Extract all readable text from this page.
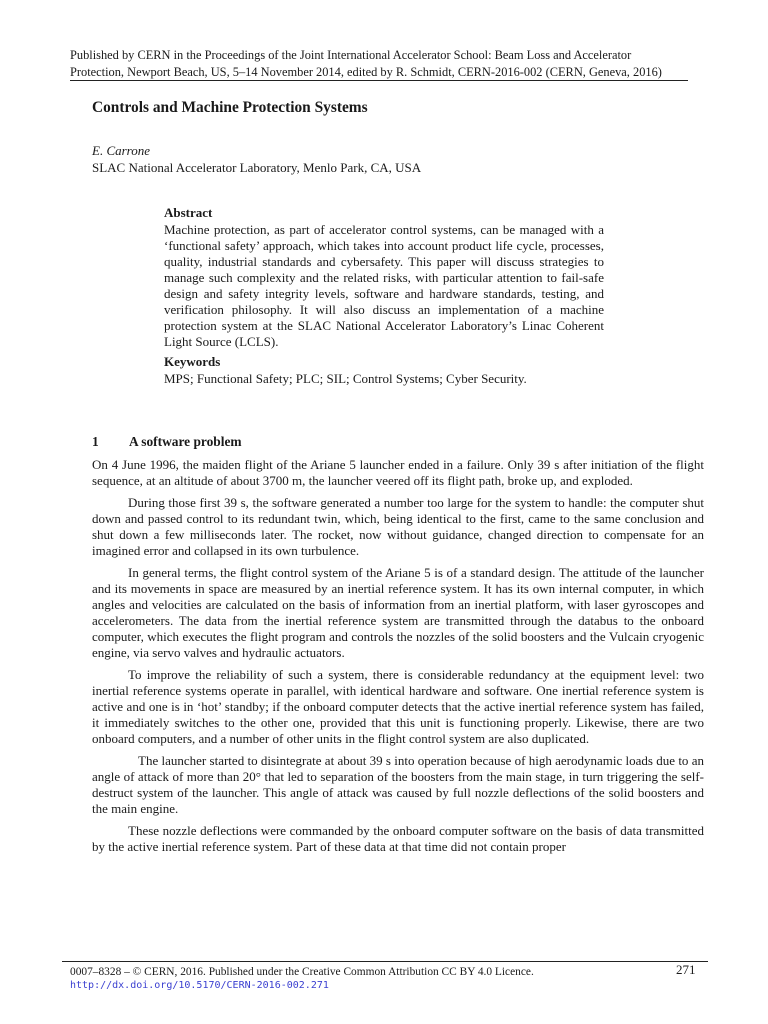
Published by CERN in the Proceedings of the Joint International Accelerator School: Beam Loss and Accelerator

Protection, Newport Beach, US, 5–14 November 2014, edited by R. Schmidt, CERN-2016-002 (CERN, Geneva, 2016)

Controls and Machine Protection Systems
E. Carrone
SLAC National Accelerator Laboratory, Menlo Park, CA, USA
Abstract

Machine protection, as part of accelerator control systems, can be managed with a ‘functional safety’ approach, which takes into account product life cycle, processes, quality, industrial standards and cybersafety. This paper will discuss strategies to manage such complexity and the related risks, with particular attention to fail-safe design and safety integrity levels, software and hardware standards, testing, and verification philosophy. It will also discuss an implementation of a machine protection system at the SLAC National Accelerator Laboratory’s Linac Coherent Light Source (LCLS).

Keywords

MPS; Functional Safety; PLC; SIL; Control Systems; Cyber Security.

1 A software problem

On 4 June 1996, the maiden flight of the Ariane 5 launcher ended in a failure. Only 39 s after initiation of the flight sequence, at an altitude of about 3700 m, the launcher veered off its flight path, broke up, and exploded.

During those first 39 s, the software generated a number too large for the system to handle: the computer shut down and passed control to its redundant twin, which, being identical to the first, came to the same conclusion and shut down a few milliseconds later. The rocket, now without guidance, changed direction to compensate for an imagined error and collapsed in its own turbulence.

In general terms, the flight control system of the Ariane 5 is of a standard design. The attitude of the launcher and its movements in space are measured by an inertial reference system. It has its own internal computer, in which angles and velocities are calculated on the basis of information from an inertial platform, with laser gyroscopes and accelerometers. The data from the inertial reference system are transmitted through the databus to the onboard computer, which executes the flight program and controls the nozzles of the solid boosters and the Vulcain cryogenic engine, via servo valves and hydraulic actuators.

To improve the reliability of such a system, there is considerable redundancy at the equipment level: two inertial reference systems operate in parallel, with identical hardware and software. One inertial reference system is active and one is in ‘hot’ standby; if the onboard computer detects that the active inertial reference system has failed, it immediately switches to the other one, provided that this unit is functioning properly. Likewise, there are two onboard computers, and a number of other units in the flight control system are also duplicated.

The launcher started to disintegrate at about 39 s into operation because of high aerodynamic loads due to an angle of attack of more than 20° that led to separation of the boosters from the main stage, in turn triggering the self-destruct system of the launcher. This angle of attack was caused by full nozzle deflections of the solid boosters and the main engine.

These nozzle deflections were commanded by the onboard computer software on the basis of data transmitted by the active inertial reference system. Part of these data at that time did not contain proper

0007–8328 – © CERN, 2016. Published under the Creative Common Attribution CC BY 4.0 Licence.	271
http://dx.doi.org/10.5170/CERN-2016-002.271
